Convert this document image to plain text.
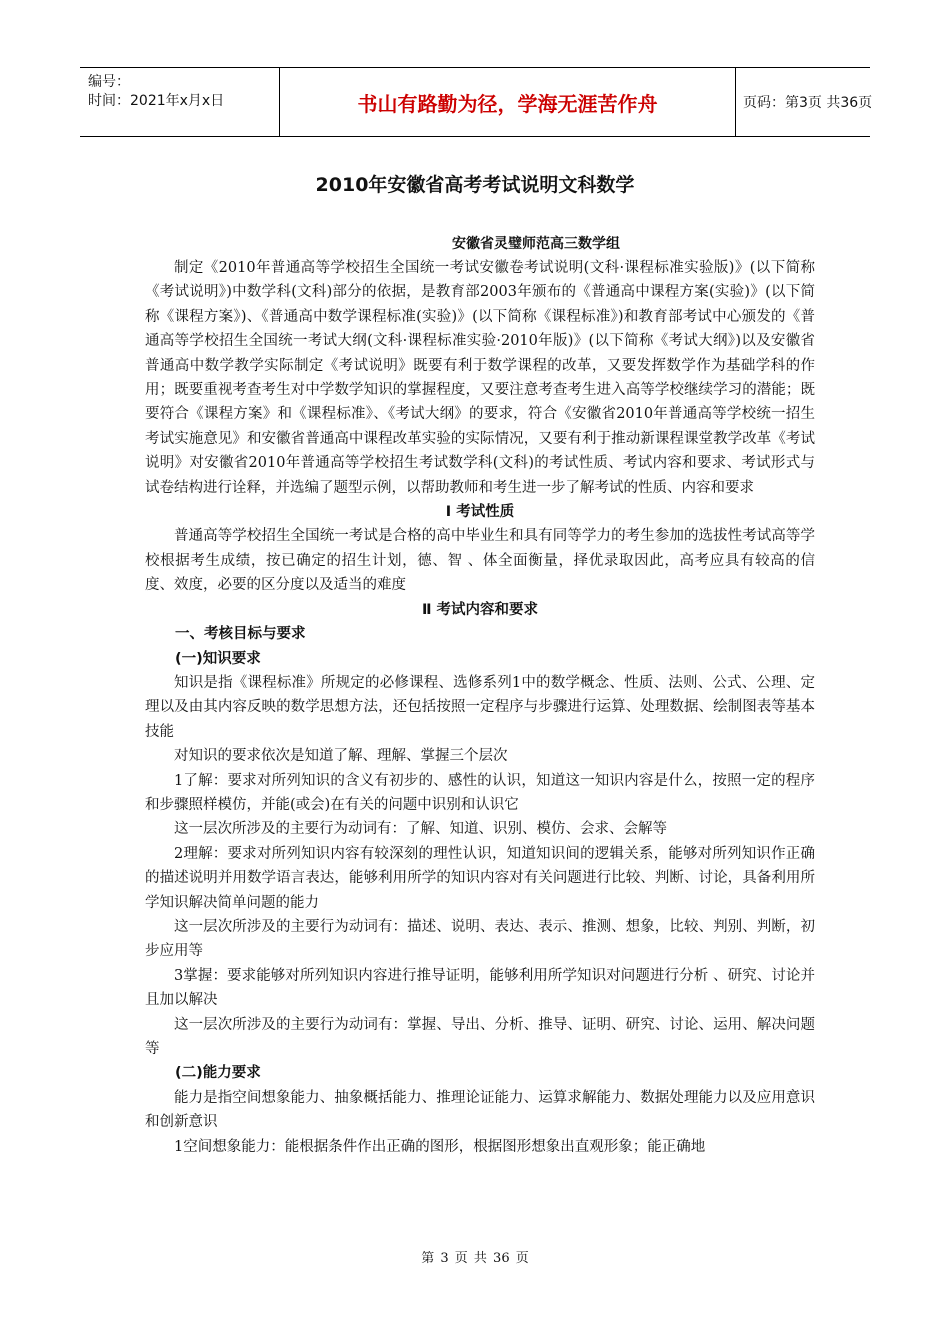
编号：
时间：2021年x月x日	书山有路勤为径，学海无涯苦作舟	页码：第3页 共36页
2010年安徽省高考考试说明文科数学
安徽省灵璧师范高三数学组

制定《2010年普通高等学校招生全国统一考试安徽卷考试说明(文科·课程标准实验版)》(以下简称《考试说明》)中数学科(文科)部分的依据，是教育部2003年颁布的《普通高中课程方案(实验)》(以下简称《课程方案》)、《普通高中数学课程标准(实验)》(以下简称《课程标准》)和教育部考试中心颁发的《普通高等学校招生全国统一考试大纲(文科·课程标准实验·2010年版)》(以下简称《考试大纲》)以及安徽省普通高中数学教学实际制定《考试说明》既要有利于数学课程的改革，又要发挥数学作为基础学科的作用；既要重视考查考生对中学数学知识的掌握程度，又要注意考查考生进入高等学校继续学习的潜能；既要符合《课程方案》和《课程标准》、《考试大纲》的要求，符合《安徽省2010年普通高等学校统一招生考试实施意见》和安徽省普通高中课程改革实验的实际情况，又要有利于推动新课程课堂教学改革《考试说明》对安徽省2010年普通高等学校招生考试数学科(文科)的考试性质、考试内容和要求、考试形式与试卷结构进行诠释，并选编了题型示例，以帮助教师和考生进一步了解考试的性质、内容和要求

Ⅰ 考试性质

普通高等学校招生全国统一考试是合格的高中毕业生和具有同等学力的考生参加的选拔性考试高等学校根据考生成绩，按已确定的招生计划，德、智 、体全面衡量，择优录取因此，高考应具有较高的信度、效度，必要的区分度以及适当的难度

Ⅱ 考试内容和要求

一、考核目标与要求

(一)知识要求

知识是指《课程标准》所规定的必修课程、选修系列1中的数学概念、性质、法则、公式、公理、定理以及由其内容反映的数学思想方法，还包括按照一定程序与步骤进行运算、处理数据、绘制图表等基本技能

对知识的要求依次是知道了解、理解、掌握三个层次

1了解：要求对所列知识的含义有初步的、感性的认识，知道这一知识内容是什么，按照一定的程序和步骤照样模仿，并能(或会)在有关的问题中识别和认识它

这一层次所涉及的主要行为动词有：了解、知道、识别、模仿、会求、会解等

2理解：要求对所列知识内容有较深刻的理性认识，知道知识间的逻辑关系，能够对所列知识作正确的描述说明并用数学语言表达，能够利用所学的知识内容对有关问题进行比较、判断、讨论，具备利用所学知识解决简单问题的能力

这一层次所涉及的主要行为动词有：描述、说明、表达、表示、推测、想象，比较、判别、判断，初步应用等

3掌握：要求能够对所列知识内容进行推导证明，能够利用所学知识对问题进行分析 、研究、讨论并且加以解决

这一层次所涉及的主要行为动词有：掌握、导出、分析、推导、证明、研究、讨论、运用、解决问题等

(二)能力要求

能力是指空间想象能力、抽象概括能力、推理论证能力、运算求解能力、数据处理能力以及应用意识和创新意识

1空间想象能力：能根据条件作出正确的图形，根据图形想象出直观形象；能正确地

第 3 页 共 36 页
